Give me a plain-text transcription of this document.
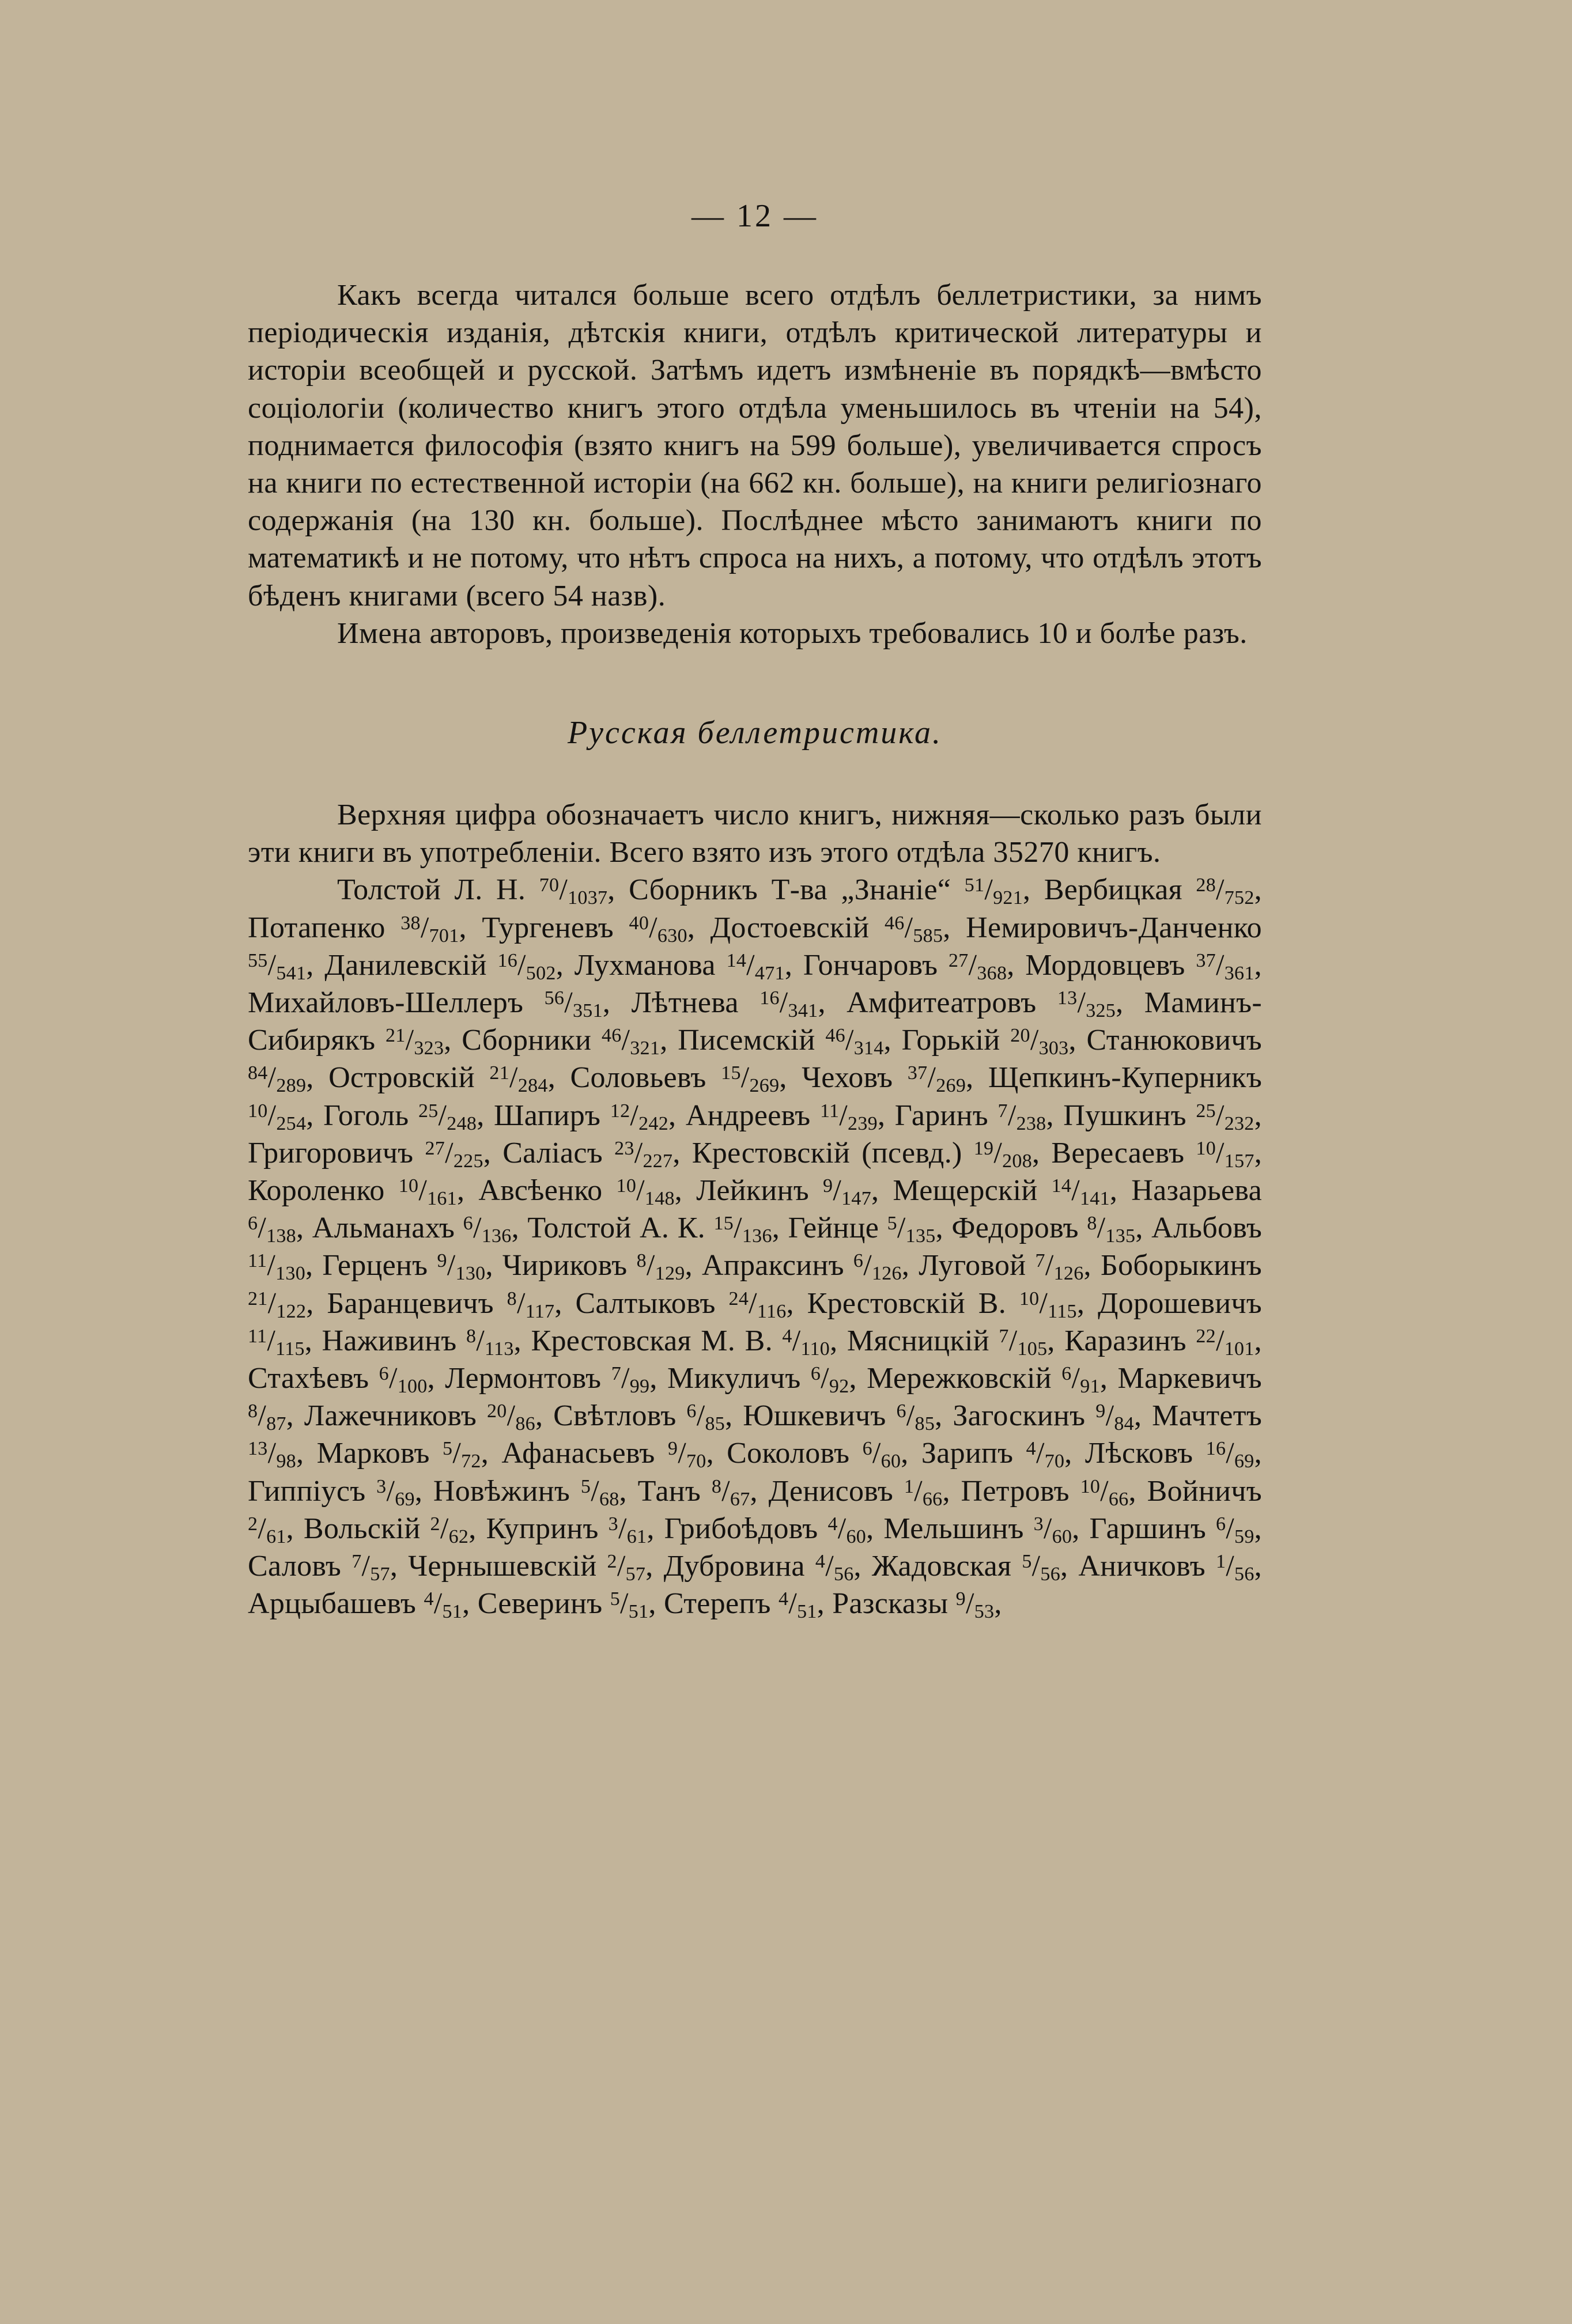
— 12 —

Какъ всегда читался больше всего отдѣлъ беллетристики, за нимъ періодическія изданія, дѣтскія книги, отдѣлъ критической литературы и исторіи всеобщей и русской. Затѣмъ идетъ измѣненіе въ порядкѣ—вмѣсто соціологіи (количество книгъ этого отдѣла уменьшилось въ чтеніи на 54), поднимается философія (взято книгъ на 599 больше), увеличивается спросъ на книги по естественной исторіи (на 662 кн. больше), на книги религіознаго содержанія (на 130 кн. больше). Послѣднее мѣсто занимаютъ книги по математикѣ и не потому, что нѣтъ спроса на нихъ, а потому, что отдѣлъ этотъ бѣденъ книгами (всего 54 назв).

Имена авторовъ, произведенія которыхъ требовались 10 и болѣе разъ.

Русская беллетристика.

Верхняя цифра обозначаетъ число книгъ, нижняя—сколько разъ были эти книги въ употребленіи. Всего взято изъ этого отдѣла 35270 книгъ.

Толстой Л. Н. $^{70}/_{1037}$, Сборникъ Т-ва „Знаніе“ $^{51}/_{921}$, Вербицкая $^{28}/_{752}$, Потапенко $^{38}/_{701}$, Тургеневъ $^{40}/_{630}$, Достоевскій $^{46}/_{585}$, Немировичъ-Данченко $^{55}/_{541}$, Данилевскій $^{16}/_{502}$, Лухманова $^{14}/_{471}$, Гончаровъ $^{27}/_{368}$, Мордовцевъ $^{37}/_{361}$, Михайловъ-Шеллеръ $^{56}/_{351}$, Лѣтнева $^{16}/_{341}$, Амфитеатровъ $^{13}/_{325}$, Маминъ-Сибирякъ $^{21}/_{323}$, Сборники $^{46}/_{321}$, Писемскій $^{46}/_{314}$, Горькій $^{20}/_{303}$, Станюковичъ $^{84}/_{289}$, Островскій $^{21}/_{284}$, Соловьевъ $^{15}/_{269}$, Чеховъ $^{37}/_{269}$, Щепкинъ-Куперникъ $^{10}/_{254}$, Гоголь $^{25}/_{248}$, Шапиръ $^{12}/_{242}$, Андреевъ $^{11}/_{239}$, Гаринъ $^7/_{238}$, Пушкинъ $^{25}/_{232}$, Григоровичъ $^{27}/_{225}$, Саліасъ $^{23}/_{227}$, Крестовскій (псевд.) $^{19}/_{208}$, Вересаевъ $^{10}/_{157}$, Короленко $^{10}/_{161}$, Авсѣенко $^{10}/_{148}$, Лейкинъ $^9/_{147}$, Мещерскій $^{14}/_{141}$, Назарьева $^6/_{138}$, Альманахъ $^6/_{136}$, Толстой А. К. $^{15}/_{136}$, Гейнце $^5/_{135}$, Федоровъ $^8/_{135}$, Альбовъ $^{11}/_{130}$, Герценъ $^9/_{130}$, Чириковъ $^8/_{129}$, Апраксинъ $^6/_{126}$, Луговой $^7/_{126}$, Боборыкинъ $^{21}/_{122}$, Баранцевичъ $^8/_{117}$, Салтыковъ $^{24}/_{116}$, Крестовскій В. $^{10}/_{115}$, Дорошевичъ $^{11}/_{115}$, Наживинъ $^8/_{113}$, Крестовская М. В. $^4/_{110}$, Мясницкій $^7/_{105}$, Каразинъ $^{22}/_{101}$, Стахѣевъ $^6/_{100}$, Лермонтовъ $^7/_{99}$, Микуличъ $^6/_{92}$, Мережковскій $^6/_{91}$, Маркевичъ $^8/_{87}$, Лажечниковъ $^{20}/_{86}$, Свѣтловъ $^6/_{85}$, Юшкевичъ $^6/_{85}$, Загоскинъ $^9/_{84}$, Мачтетъ $^{13}/_{98}$, Марковъ $^5/_{72}$, Афанасьевъ $^9/_{70}$, Соколовъ $^6/_{60}$, Зарипъ $^4/_{70}$, Лѣсковъ $^{16}/_{69}$, Гиппіусъ $^3/_{69}$, Новѣжинъ $^5/_{68}$, Танъ $^8/_{67}$, Денисовъ $^1/_{66}$, Петровъ $^{10}/_{66}$, Войничъ $^2/_{61}$, Вольскій $^2/_{62}$, Купринъ $^3/_{61}$, Грибоѣдовъ $^4/_{60}$, Мельшинъ $^3/_{60}$, Гаршинъ $^6/_{59}$, Саловъ $^7/_{57}$, Чернышевскій $^2/_{57}$, Дубровина $^4/_{56}$, Жадовская $^5/_{56}$, Аничковъ $^1/_{56}$, Арцыбашевъ $^4/_{51}$, Северинъ $^5/_{51}$, Стерепъ $^4/_{51}$, Разсказы $^9/_{53}$,
